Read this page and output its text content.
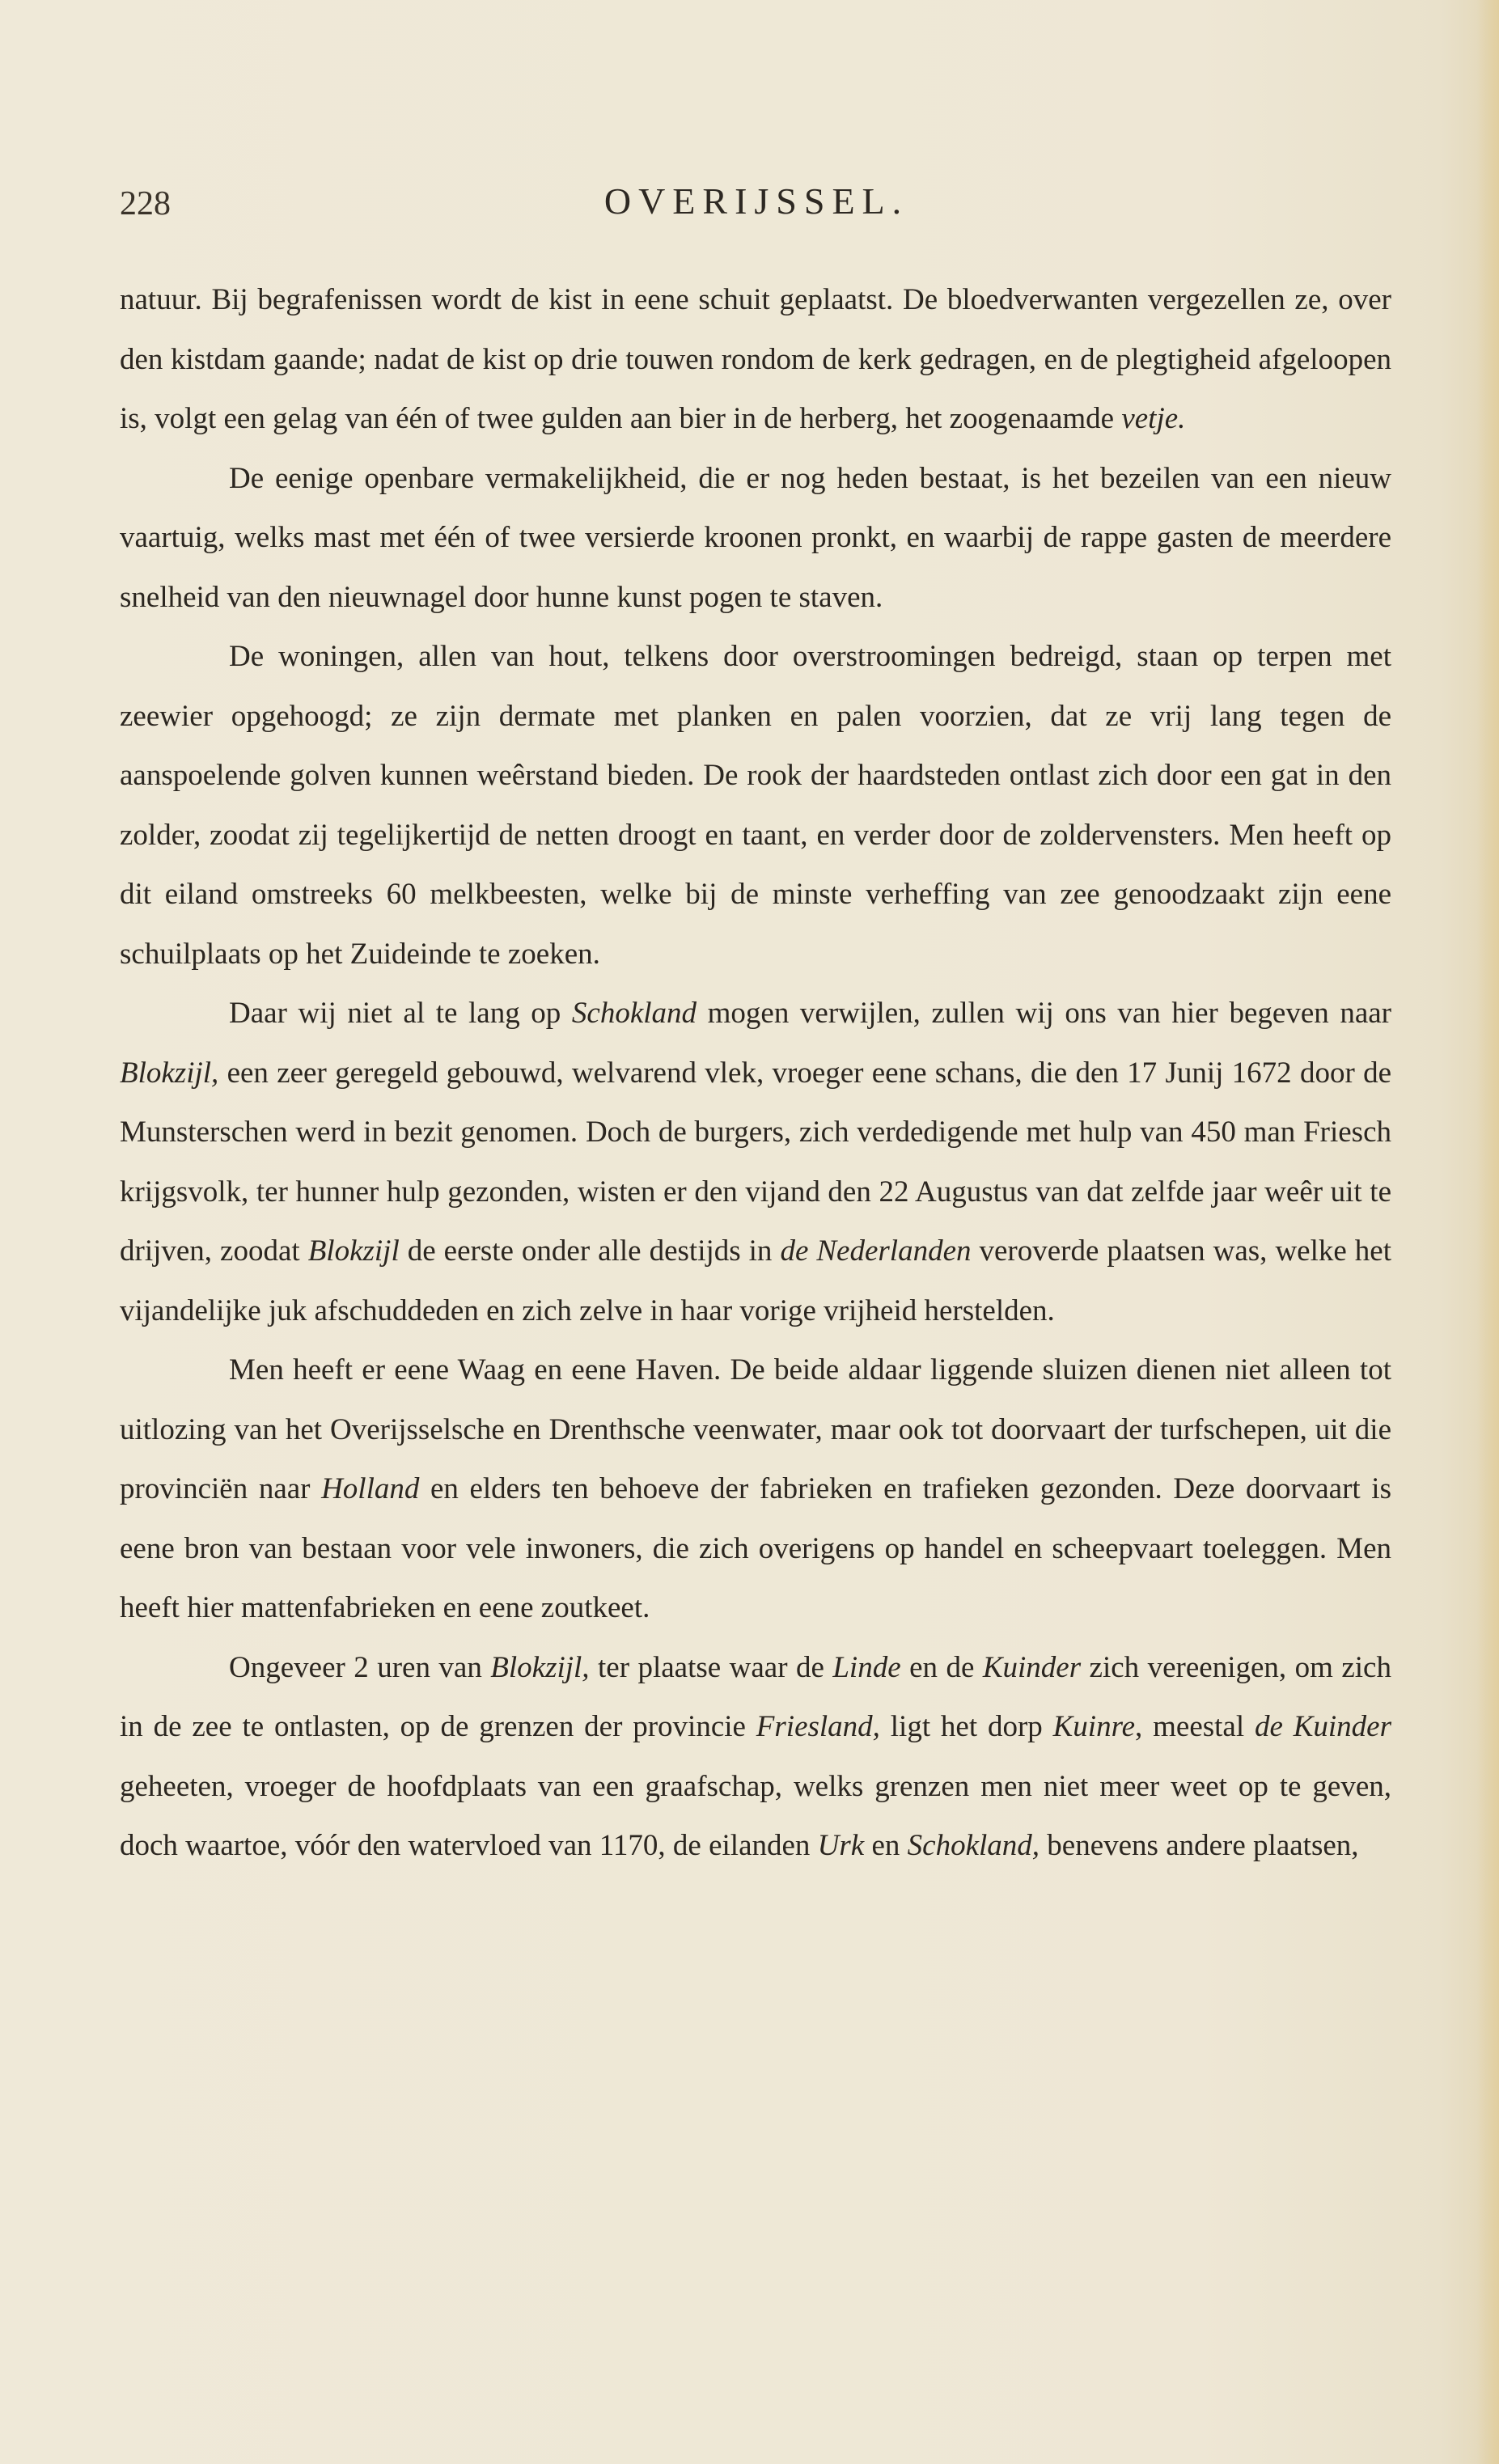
228	OVERIJSSEL.

natuur. Bij begrafenissen wordt de kist in eene schuit geplaatst. De bloedverwanten vergezellen ze, over den kistdam gaande; nadat de kist op drie touwen rondom de kerk gedragen, en de plegtigheid afgeloopen is, volgt een gelag van één of twee gulden aan bier in de herberg, het zoogenaamde vetje.

De eenige openbare vermakelijkheid, die er nog heden bestaat, is het bezeilen van een nieuw vaartuig, welks mast met één of twee versierde kroonen pronkt, en waarbij de rappe gasten de meerdere snelheid van den nieuwnagel door hunne kunst pogen te staven.

De woningen, allen van hout, telkens door overstroomingen bedreigd, staan op terpen met zeewier opgehoogd; ze zijn dermate met planken en palen voorzien, dat ze vrij lang tegen de aanspoelende golven kunnen weêrstand bieden. De rook der haardsteden ontlast zich door een gat in den zolder, zoodat zij tegelijkertijd de netten droogt en taant, en verder door de zoldervensters. Men heeft op dit eiland omstreeks 60 melkbeesten, welke bij de minste verheffing van zee genoodzaakt zijn eene schuilplaats op het Zuideinde te zoeken.

Daar wij niet al te lang op Schokland mogen verwijlen, zullen wij ons van hier begeven naar Blokzijl, een zeer geregeld gebouwd, welvarend vlek, vroeger eene schans, die den 17 Junij 1672 door de Munsterschen werd in bezit genomen. Doch de burgers, zich verdedigende met hulp van 450 man Friesch krijgsvolk, ter hunner hulp gezonden, wisten er den vijand den 22 Augustus van dat zelfde jaar weêr uit te drijven, zoodat Blokzijl de eerste onder alle destijds in de Nederlanden veroverde plaatsen was, welke het vijandelijke juk afschuddeden en zich zelve in haar vorige vrijheid herstelden.

Men heeft er eene Waag en eene Haven. De beide aldaar liggende sluizen dienen niet alleen tot uitlozing van het Overijsselsche en Drenthsche veenwater, maar ook tot doorvaart der turfschepen, uit die provinciën naar Holland en elders ten behoeve der fabrieken en trafieken gezonden. Deze doorvaart is eene bron van bestaan voor vele inwoners, die zich overigens op handel en scheepvaart toeleggen. Men heeft hier mattenfabrieken en eene zoutkeet.

Ongeveer 2 uren van Blokzijl, ter plaatse waar de Linde en de Kuinder zich vereenigen, om zich in de zee te ontlasten, op de grenzen der provincie Friesland, ligt het dorp Kuinre, meestal de Kuinder geheeten, vroeger de hoofdplaats van een graafschap, welks grenzen men niet meer weet op te geven, doch waartoe, vóór den watervloed van 1170, de eilanden Urk en Schokland, benevens andere plaatsen,
